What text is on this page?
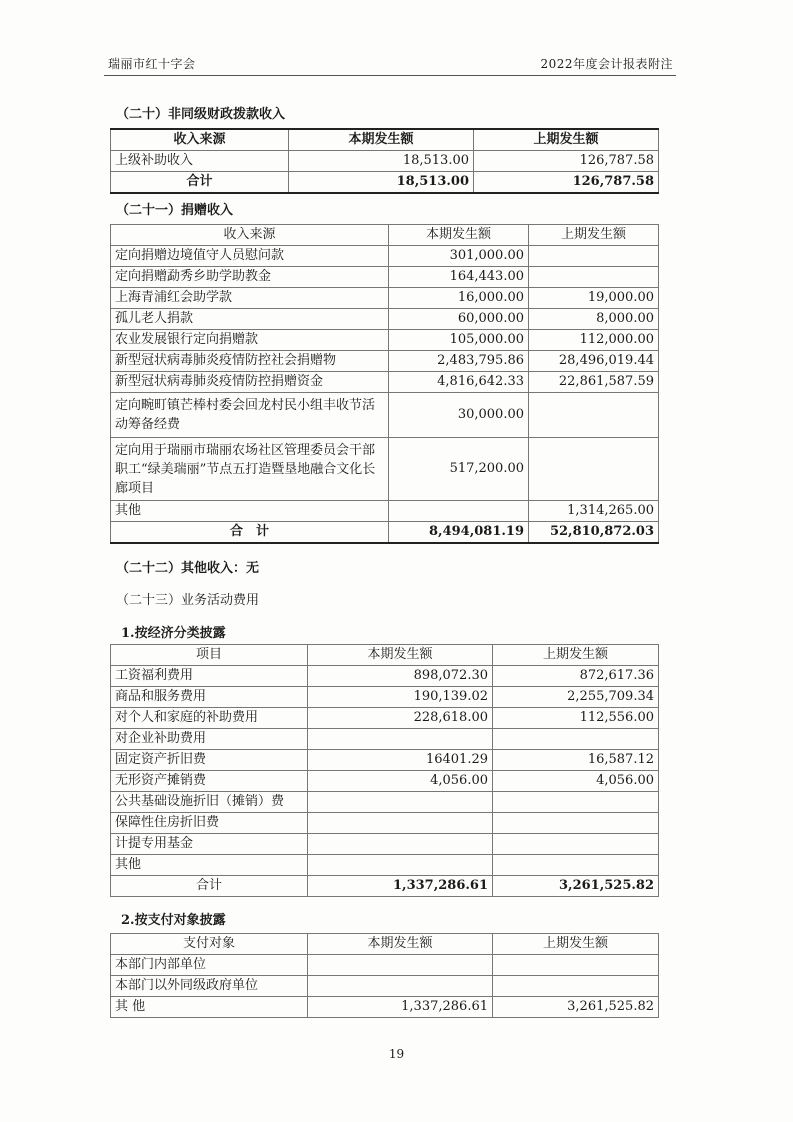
瑞丽市红十字会	2022年度会计报表附注
（二十）非同级财政拨款收入
收入来源	本期发生额	上期发生额
上级补助收入	18,513.00	126,787.58
合计	18,513.00	126,787.58
（二十一）捐赠收入
收入来源	本期发生额	上期发生额
定向捐赠边境值守人员慰问款	301,000.00	
定向捐赠勐秀乡助学助教金	164,443.00	
上海青浦红会助学款	16,000.00	19,000.00
孤儿老人捐款	60,000.00	8,000.00
农业发展银行定向捐赠款	105,000.00	112,000.00
新型冠状病毒肺炎疫情防控社会捐赠物	2,483,795.86	28,496,019.44
新型冠状病毒肺炎疫情防控捐赠资金	4,816,642.33	22,861,587.59
定向畹町镇芒棒村委会回龙村民小组丰收节活动筹备经费	30,000.00	
定向用于瑞丽市瑞丽农场社区管理委员会干部职工“绿美瑞丽”节点五打造暨垦地融合文化长廊项目	517,200.00	
其他		1,314,265.00
合　计	8,494,081.19	52,810,872.03
（二十二）其他收入：无
（二十三）业务活动费用
1.按经济分类披露
项目	本期发生额	上期发生额
工资福利费用	898,072.30	872,617.36
商品和服务费用	190,139.02	2,255,709.34
对个人和家庭的补助费用	228,618.00	112,556.00
对企业补助费用		
固定资产折旧费	16401.29	16,587.12
无形资产摊销费	4,056.00	4,056.00
公共基础设施折旧（摊销）费		
保障性住房折旧费		
计提专用基金		
其他		
合计	1,337,286.61	3,261,525.82
2.按支付对象披露
支付对象	本期发生额	上期发生额
本部门内部单位		
本部门以外同级政府单位		
其 他	1,337,286.61	3,261,525.82
19
